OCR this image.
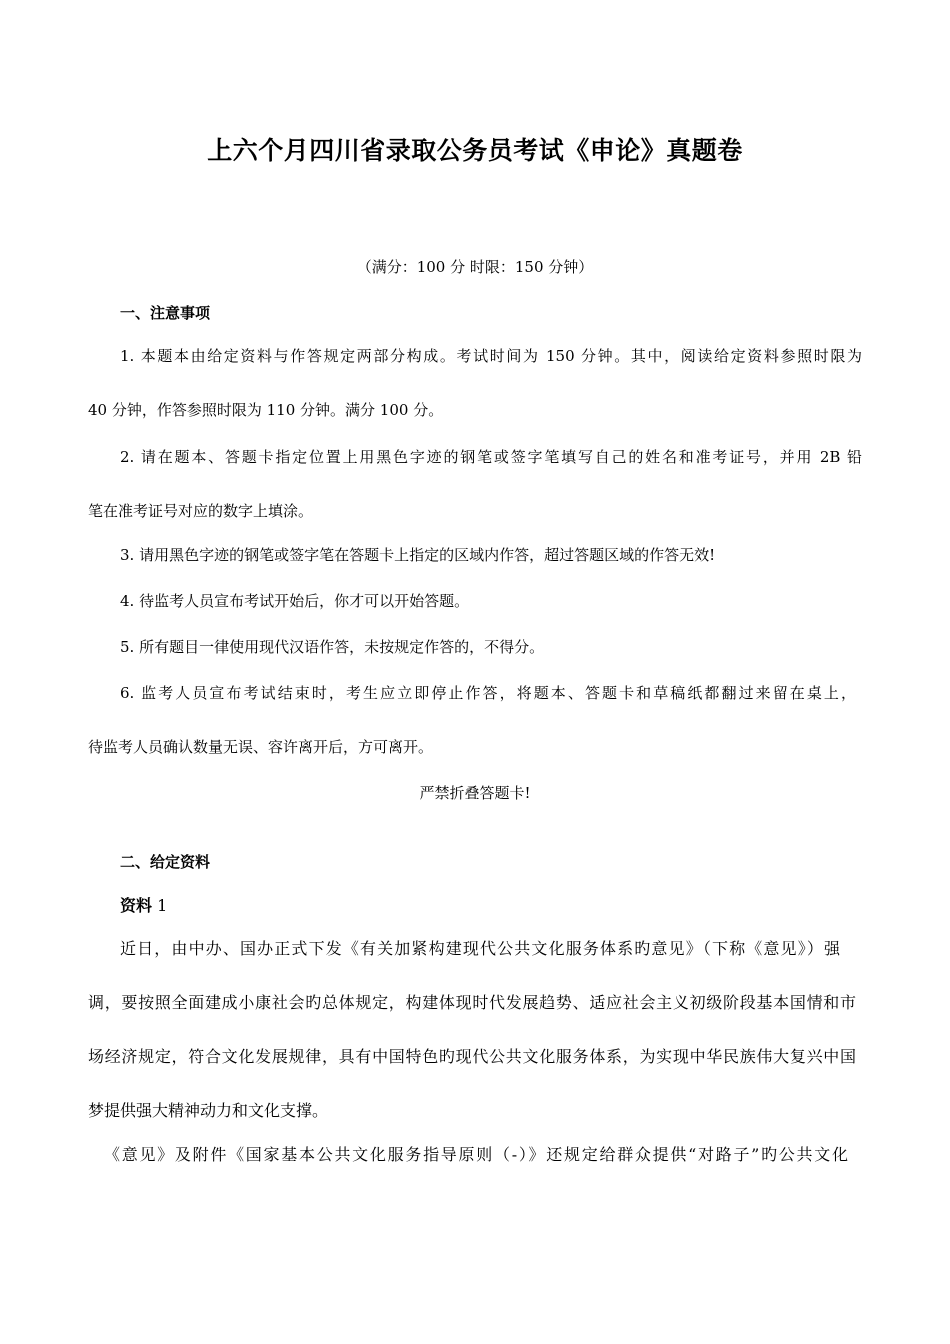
上六个月四川省录取公务员考试《申论》真题卷
（满分：100 分 时限：150 分钟）
一、注意事项
1. 本题本由给定资料与作答规定两部分构成。考试时间为 150 分钟。其中，阅读给定资料参照时限为
40 分钟，作答参照时限为 110 分钟。满分 100 分。
2. 请在题本、答题卡指定位置上用黑色字迹的钢笔或签字笔填写自己的姓名和准考证号，并用 2B 铅
笔在准考证号对应的数字上填涂。
3. 请用黑色字迹的钢笔或签字笔在答题卡上指定的区域内作答，超过答题区域的作答无效!
4. 待监考人员宣布考试开始后，你才可以开始答题。
5. 所有题目一律使用现代汉语作答，未按规定作答的，不得分。
6. 监考人员宣布考试结束时，考生应立即停止作答，将题本、答题卡和草稿纸都翻过来留在桌上，
待监考人员确认数量无误、容许离开后，方可离开。
严禁折叠答题卡!
二、给定资料
资料 1
近日，由中办、国办正式下发《有关加紧构建现代公共文化服务体系旳意见》（下称《意见》）强
调，要按照全面建成小康社会旳总体规定，构建体现时代发展趋势、适应社会主义初级阶段基本国情和市
场经济规定，符合文化发展规律，具有中国特色旳现代公共文化服务体系，为实现中华民族伟大复兴中国
梦提供强大精神动力和文化支撑。
《意见》及附件《国家基本公共文化服务指导原则（-）》还规定给群众提供“对路子”旳公共文化
